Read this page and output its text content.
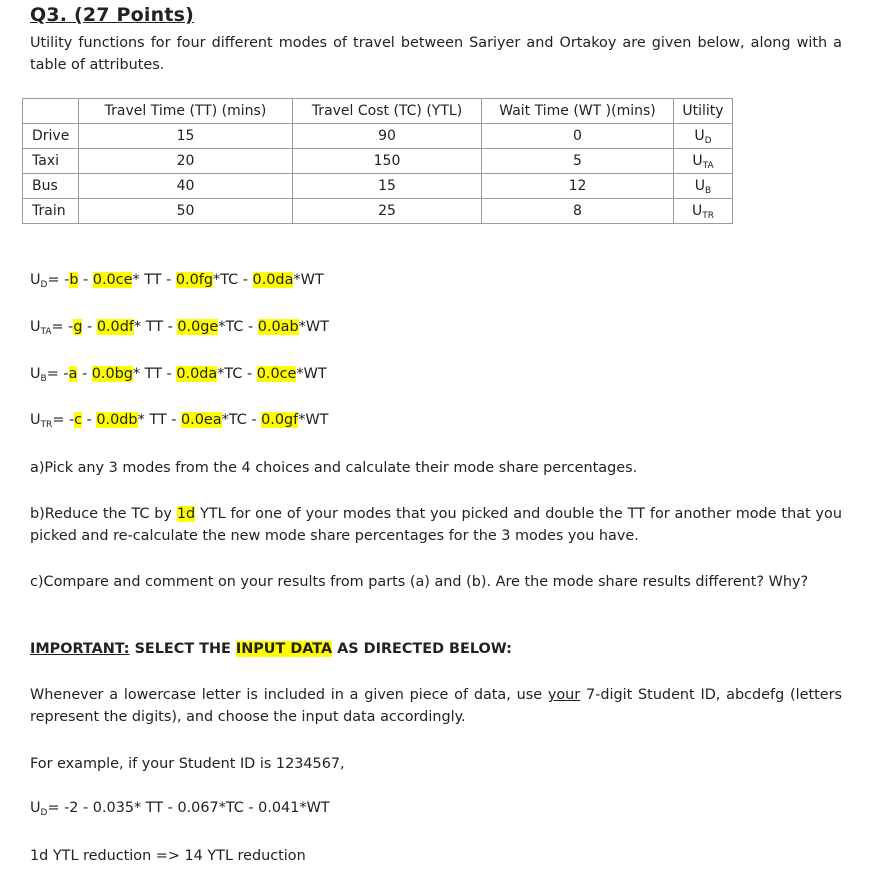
Q3. (27 Points)
Utility functions for four different modes of travel between Sariyer and Ortakoy are given below, along with a table of attributes.
	Travel Time (TT) (mins)	Travel Cost (TC) (YTL)	Wait Time (WT )(mins)	Utility
Drive	15	90	0	$U_D$
Taxi	20	150	5	$U_{TA}$
Bus	40	15	12	$U_B$
Train	50	25	8	$U_{TR}$
$U_D= -b - 0.0ce*$ TT - 0.0fg*TC - 0.0da*WT
$U_{TA}= -g - 0.0df*$ TT - 0.0ge*TC - 0.0ab*WT
$U_B= -a - 0.0bg*$ TT - 0.0da*TC - 0.0ce*WT
$U_{TR}= -c - 0.0db*$ TT - 0.0ea*TC - 0.0gf*WT
a)Pick any 3 modes from the 4 choices and calculate their mode share percentages.
b)Reduce the TC by 1d YTL for one of your modes that you picked and double the TT for another mode that you picked and re-calculate the new mode share percentages for the 3 modes you have.
c)Compare and comment on your results from parts (a) and (b). Are the mode share results different? Why?
IMPORTANT: SELECT THE INPUT DATA AS DIRECTED BELOW:
Whenever a lowercase letter is included in a given piece of data, use your 7-digit Student ID, abcdefg (letters represent the digits), and choose the input data accordingly.
For example, if your Student ID is 1234567,
$U_D= -2 - 0.035*$ TT - 0.067*TC - 0.041*WT
1d YTL reduction => 14 YTL reduction
